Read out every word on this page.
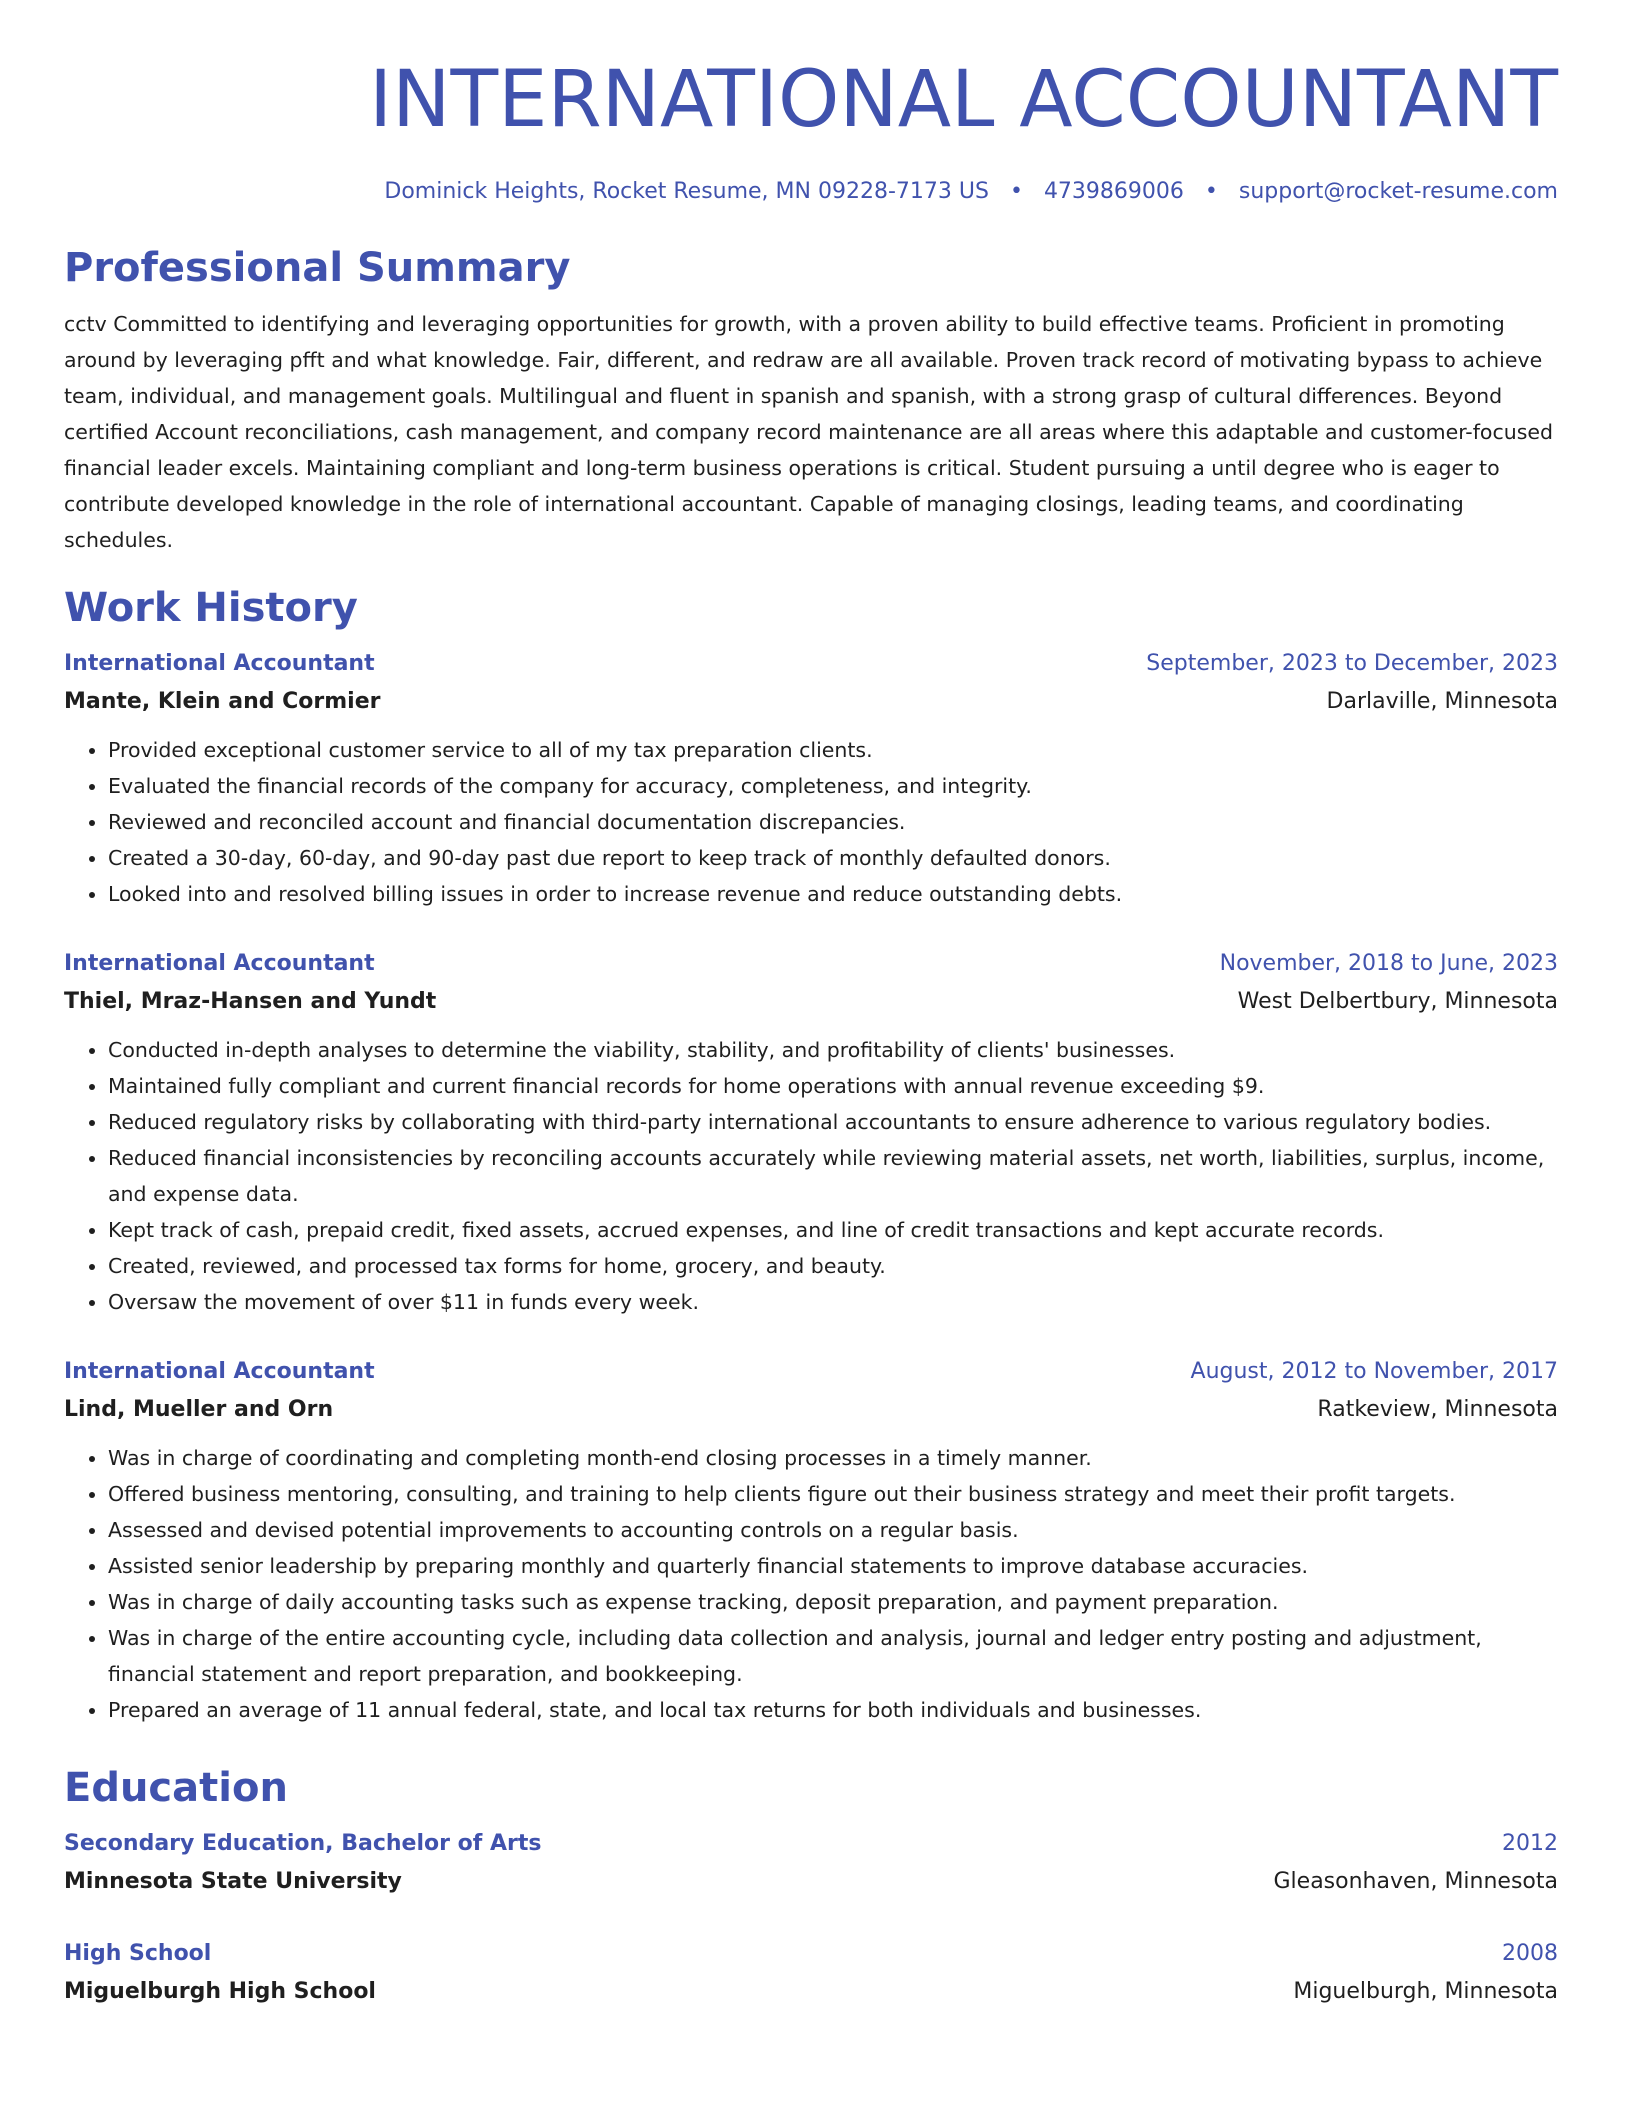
INTERNATIONAL ACCOUNTANT
Dominick Heights, Rocket Resume, MN 09228-7173 US • 4739869006 • support@rocket-resume.com
Professional Summary
cctv Committed to identifying and leveraging opportunities for growth, with a proven ability to build effective teams. Proficient in promoting around by leveraging pfft and what knowledge. Fair, different, and redraw are all available. Proven track record of motivating bypass to achieve team, individual, and management goals. Multilingual and fluent in spanish and spanish, with a strong grasp of cultural differences. Beyond certified Account reconciliations, cash management, and company record maintenance are all areas where this adaptable and customer-focused financial leader excels. Maintaining compliant and long-term business operations is critical. Student pursuing a until degree who is eager to contribute developed knowledge in the role of international accountant. Capable of managing closings, leading teams, and coordinating schedules.
Work History
International Accountant	September, 2023 to December, 2023
Mante, Klein and Cormier	Darlaville, Minnesota
• Provided exceptional customer service to all of my tax preparation clients.
• Evaluated the financial records of the company for accuracy, completeness, and integrity.
• Reviewed and reconciled account and financial documentation discrepancies.
• Created a 30-day, 60-day, and 90-day past due report to keep track of monthly defaulted donors.
• Looked into and resolved billing issues in order to increase revenue and reduce outstanding debts.
International Accountant	November, 2018 to June, 2023
Thiel, Mraz-Hansen and Yundt	West Delbertbury, Minnesota
• Conducted in-depth analyses to determine the viability, stability, and profitability of clients' businesses.
• Maintained fully compliant and current financial records for home operations with annual revenue exceeding $9.
• Reduced regulatory risks by collaborating with third-party international accountants to ensure adherence to various regulatory bodies.
• Reduced financial inconsistencies by reconciling accounts accurately while reviewing material assets, net worth, liabilities, surplus, income, and expense data.
• Kept track of cash, prepaid credit, fixed assets, accrued expenses, and line of credit transactions and kept accurate records.
• Created, reviewed, and processed tax forms for home, grocery, and beauty.
• Oversaw the movement of over $11 in funds every week.
International Accountant	August, 2012 to November, 2017
Lind, Mueller and Orn	Ratkeview, Minnesota
• Was in charge of coordinating and completing month-end closing processes in a timely manner.
• Offered business mentoring, consulting, and training to help clients figure out their business strategy and meet their profit targets.
• Assessed and devised potential improvements to accounting controls on a regular basis.
• Assisted senior leadership by preparing monthly and quarterly financial statements to improve database accuracies.
• Was in charge of daily accounting tasks such as expense tracking, deposit preparation, and payment preparation.
• Was in charge of the entire accounting cycle, including data collection and analysis, journal and ledger entry posting and adjustment, financial statement and report preparation, and bookkeeping.
• Prepared an average of 11 annual federal, state, and local tax returns for both individuals and businesses.
Education
Secondary Education, Bachelor of Arts	2012
Minnesota State University	Gleasonhaven, Minnesota
High School	2008
Miguelburgh High School	Miguelburgh, Minnesota
